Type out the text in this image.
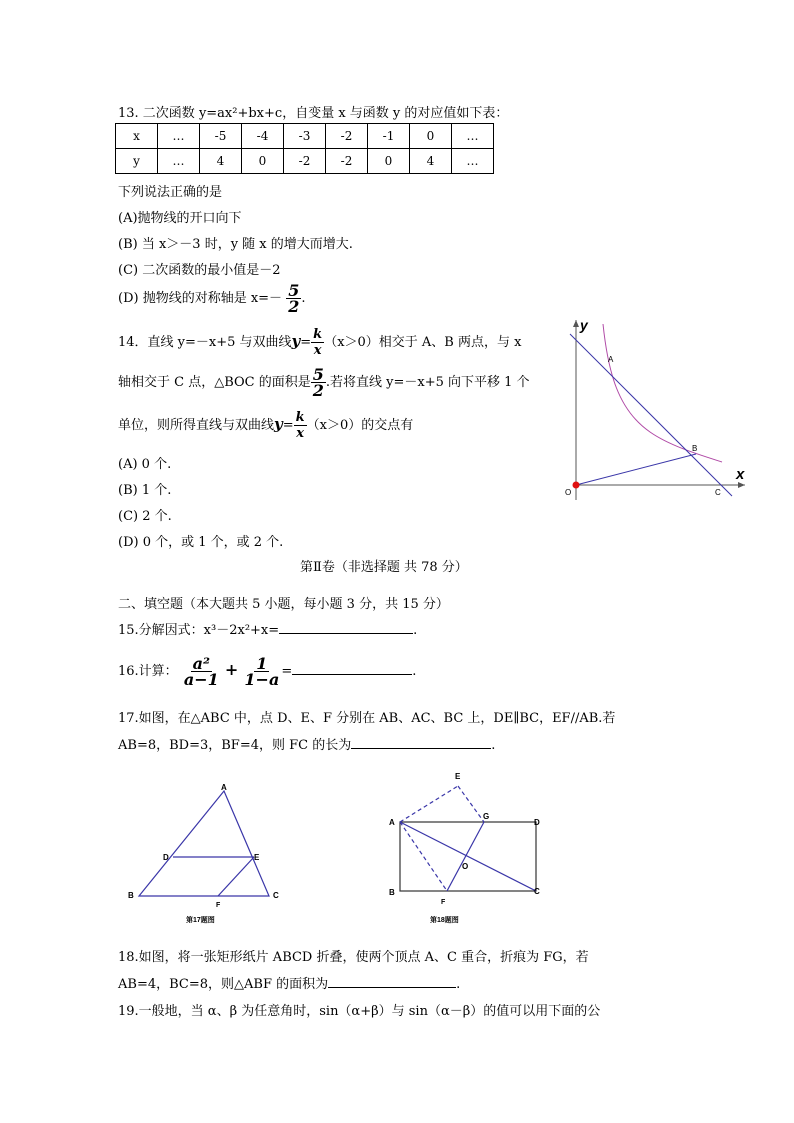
13. 二次函数 y=ax²+bx+c，自变量 x 与函数 y 的对应值如下表：
x	…	-5	-4	-3	-2	-1	0	…
y	…	4	0	-2	-2	0	4	…
下列说法正确的是
(A)抛物线的开口向下
(B) 当 x＞－3 时，y 随 x 的增大而增大.
(C) 二次函数的最小值是－2
(D) 抛物线的对称轴是 $x=- \frac{5}{2}$ .
14．直线 y=－x+5 与双曲线$y= \frac{k}{x} (x>0)$相交于 A、B 两点，与 x
轴相交于 C 点，△BOC 的面积是 $\frac{5}{2}$ .若将直线 y=－x+5 向下平移 1 个
单位，则所得直线与双曲线$y= \frac{k}{x} (x>0)$的交点有
(A) 0 个.
(B) 1 个.
(C) 2 个.
(D) 0 个，或 1 个，或 2 个.
y
x
A
B
C
O
第Ⅱ卷（非选择题 共 78 分）
二、填空题（本大题共 5 小题，每小题 3 分，共 15 分）
15.分解因式：x³－2x²+x=	.
16.计算： $\frac{\text{a²}}{a-1} + \frac{1}{1-a}$ =	.
17.如图，在△ABC 中，点 D、E、F 分别在 AB、AC、BC 上，DE∥BC，EF//AB.若
AB=8，BD=3，BF=4，则 FC 的长为	.
A
B	C
D	E
F
第17题图
E
A
G
D
B	C
O
F
第18题图
18.如图，将一张矩形纸片 ABCD 折叠，使两个顶点 A、C 重合，折痕为 FG，若
AB=4，BC=8，则△ABF 的面积为	.
19.一般地，当 α、β 为任意角时，sin（α+β）与 sin（α－β）的值可以用下面的公
